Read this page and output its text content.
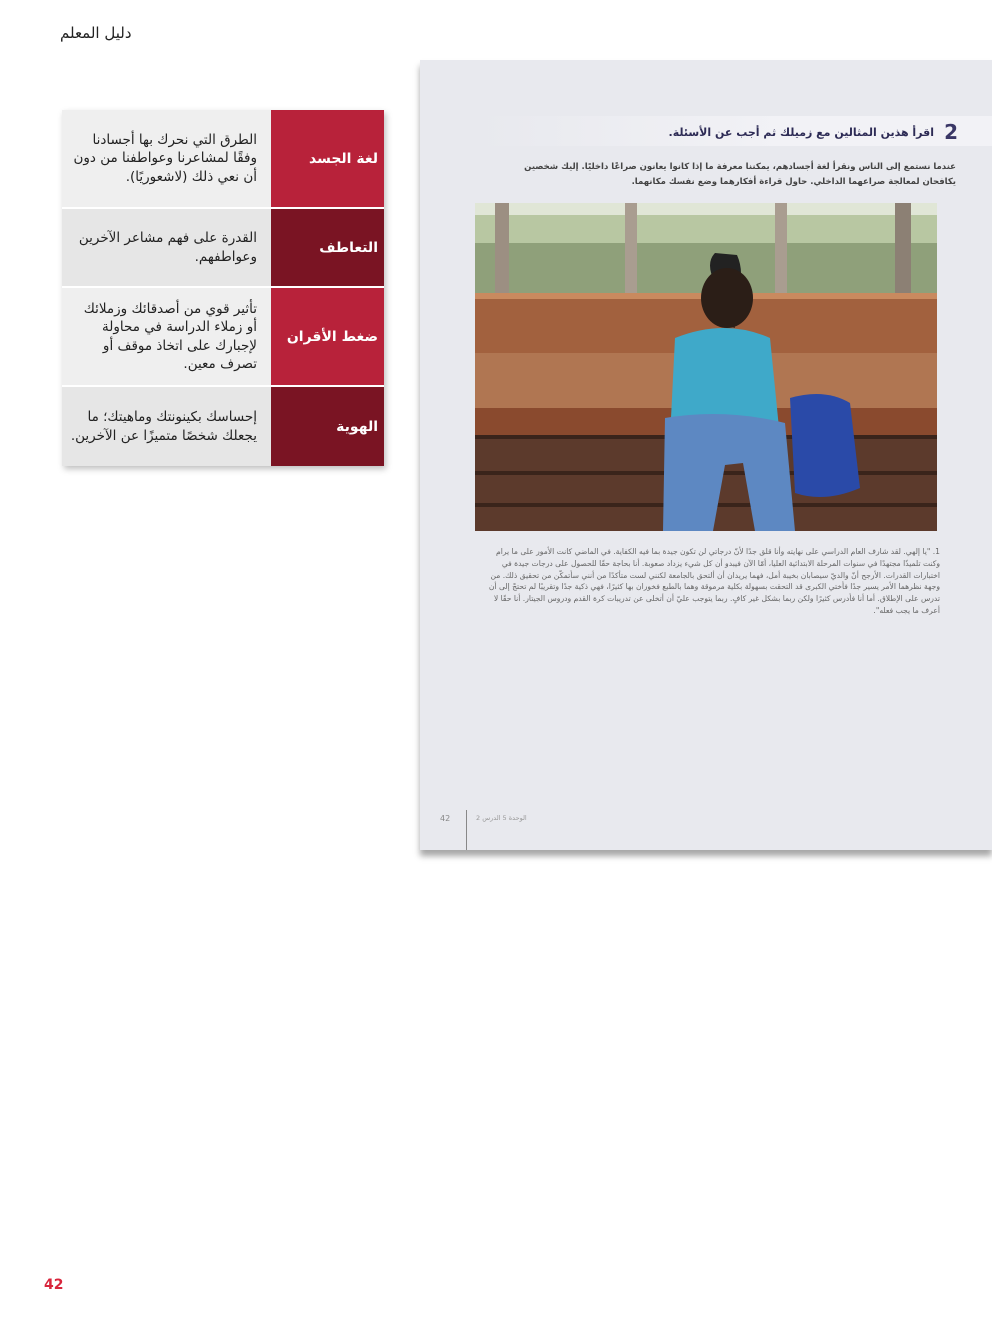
دليل المعلم
لغة الجسد
الطرق التي نحرك بها أجسادنا وفقًا لمشاعرنا وعواطفنا من دون أن نعي ذلك (لاشعوريًا).
التعاطف
القدرة على فهم مشاعر الآخرين وعواطفهم.
ضغط الأقران
تأثير قوي من أصدقائك وزملائك أو زملاء الدراسة في محاولة لإجبارك على اتخاذ موقف أو تصرف معين.
الهوية
إحساسك بكينونتك وماهيتك؛ ما يجعلك شخصًا متميزًا عن الآخرين.
2
اقرأ هذين المثالين مع زميلك ثم أجب عن الأسئلة.
عندما نستمع إلى الناس ونقرأ لغة أجسادهم، يمكننا معرفة ما إذا كانوا يعانون صراعًا داخليًا. إليك شخصين يكافحان لمعالجة صراعهما الداخلي. حاول قراءة أفكارهما وضع نفسك مكانهما.
1. "يا إلهي. لقد شارف العام الدراسي على نهايته وأنا قلق جدًا لأنّ درجاتي لن تكون جيدة بما فيه الكفاية. في الماضي كانت الأمور على ما يرام وكنت تلميذًا مجتهدًا في سنوات المرحلة الابتدائية العليا، أمّا الآن فيبدو أن كل شيء يزداد صعوبة. أنا بحاجة حقًا للحصول على درجات جيدة في اختبارات القدرات. الأرجح أنّ والديّ سيصابان بخيبة أمل، فهما يريدان أن ألتحق بالجامعة لكنني لست متأكدًا من أنني سأتمكّن من تحقيق ذلك. من وجهة نظرهما الأمر يسير جدًا فأختي الكبرى قد التحقت بسهولة بكلية مرموقة وهما بالطبع فخوران بها كثيرًا، فهي ذكية جدًا وتقريبًا لم تحتجْ إلى أن تدرس على الإطلاق. أما أنا فأدرس كثيرًا ولكن ربما بشكل غير كافٍ. ربما يتوجب عليّ أن أتخلى عن تدريبات كرة القدم ودروس الجيتار. أنا حقًا لا أعرف ما يجب فعله".
42	الوحدة 5 الدرس 2
42
